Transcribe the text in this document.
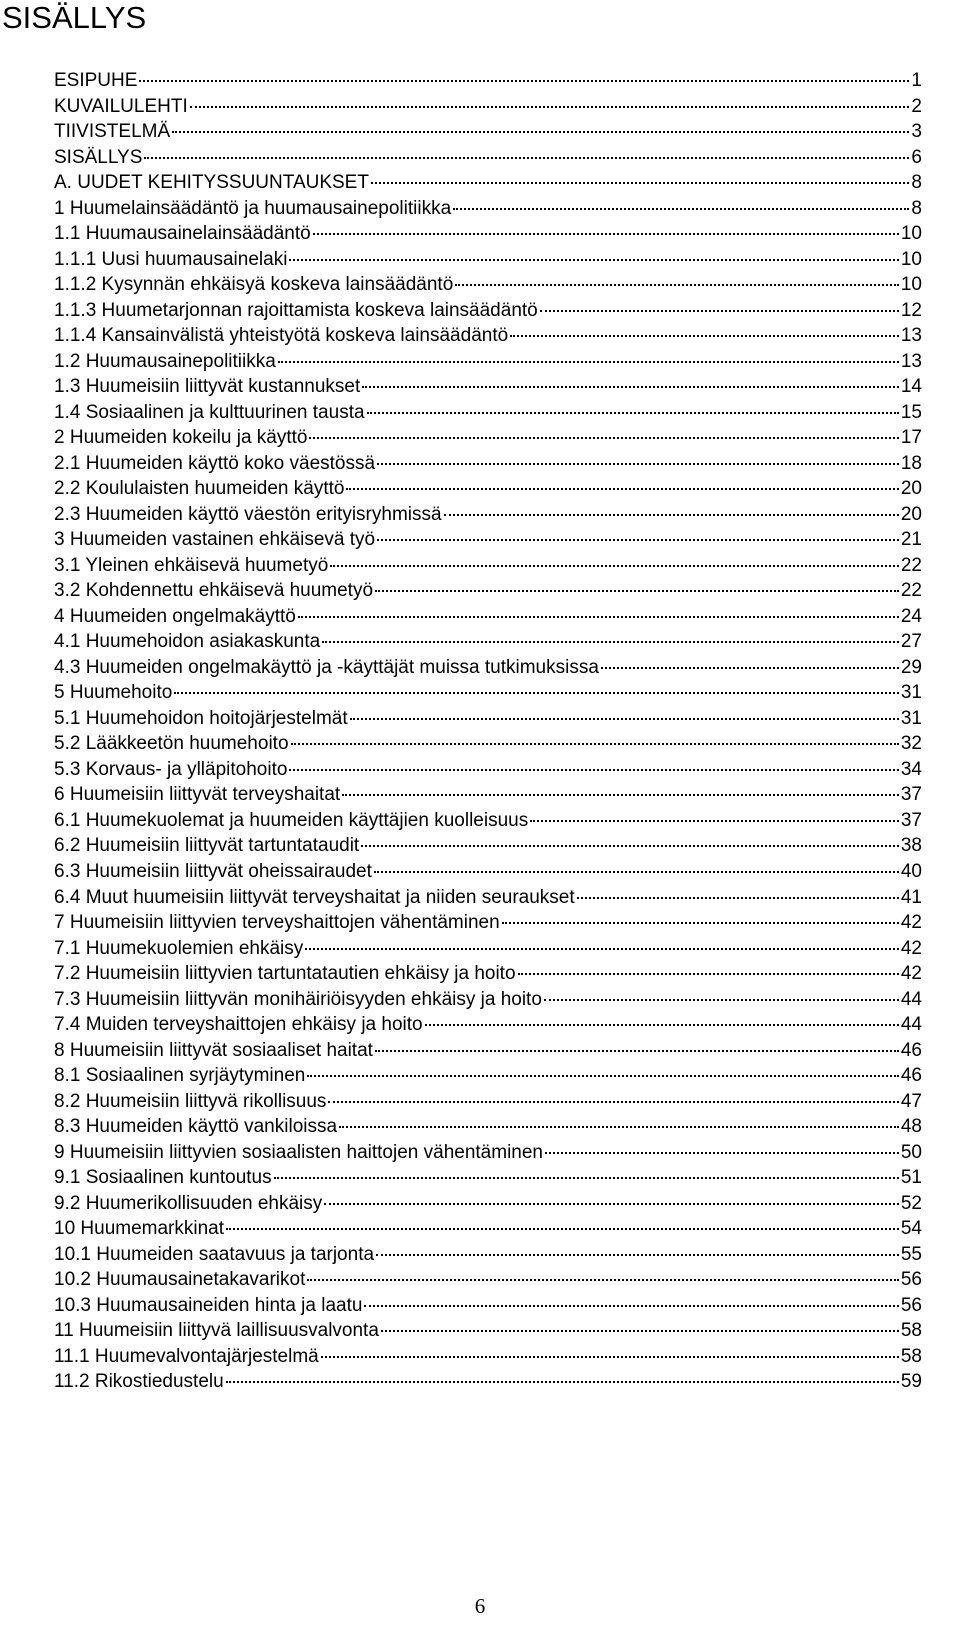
SISÄLLYS
ESIPUHE	1
KUVAILULEHTI	2
TIIVISTELMÄ	3
SISÄLLYS	6
A. UUDET KEHITYSSUUNTAUKSET	8
1 Huumelainsäädäntö ja huumausainepolitiikka	8
1.1 Huumausainelainsäädäntö	10
1.1.1 Uusi huumausainelaki	10
1.1.2 Kysynnän ehkäisyä koskeva lainsäädäntö	10
1.1.3 Huumetarjonnan rajoittamista koskeva lainsäädäntö	12
1.1.4 Kansainvälistä yhteistyötä koskeva lainsäädäntö	13
1.2 Huumausainepolitiikka	13
1.3 Huumeisiin liittyvät kustannukset	14
1.4 Sosiaalinen ja kulttuurinen tausta	15
2 Huumeiden kokeilu ja käyttö	17
2.1 Huumeiden käyttö koko väestössä	18
2.2 Koululaisten huumeiden käyttö	20
2.3 Huumeiden käyttö väestön erityisryhmissä	20
3 Huumeiden vastainen ehkäisevä työ	21
3.1 Yleinen ehkäisevä huumetyö	22
3.2 Kohdennettu ehkäisevä huumetyö	22
4 Huumeiden ongelmakäyttö	24
4.1 Huumehoidon asiakaskunta	27
4.3 Huumeiden ongelmakäyttö ja -käyttäjät muissa tutkimuksissa	29
5 Huumehoito	31
5.1 Huumehoidon hoitojärjestelmät	31
5.2 Lääkkeetön huumehoito	32
5.3 Korvaus- ja ylläpitohoito	34
6 Huumeisiin liittyvät terveyshaitat	37
6.1 Huumekuolemat ja huumeiden käyttäjien kuolleisuus	37
6.2 Huumeisiin liittyvät tartuntataudit	38
6.3 Huumeisiin liittyvät oheissairaudet	40
6.4 Muut huumeisiin liittyvät terveyshaitat ja niiden seuraukset	41
7 Huumeisiin liittyvien terveyshaittojen vähentäminen	42
7.1 Huumekuolemien ehkäisy	42
7.2 Huumeisiin liittyvien tartuntatautien ehkäisy ja hoito	42
7.3 Huumeisiin liittyvän monihäiriöisyyden ehkäisy ja hoito	44
7.4 Muiden terveyshaittojen ehkäisy ja hoito	44
8 Huumeisiin liittyvät sosiaaliset haitat	46
8.1 Sosiaalinen syrjäytyminen	46
8.2 Huumeisiin liittyvä rikollisuus	47
8.3 Huumeiden käyttö vankiloissa	48
9 Huumeisiin liittyvien sosiaalisten haittojen vähentäminen	50
9.1 Sosiaalinen kuntoutus	51
9.2 Huumerikollisuuden ehkäisy	52
10 Huumemarkkinat	54
10.1 Huumeiden saatavuus ja tarjonta	55
10.2 Huumausainetakavarikot	56
10.3 Huumausaineiden hinta ja laatu	56
11 Huumeisiin liittyvä laillisuusvalvonta	58
11.1 Huumevalvontajärjestelmä	58
11.2 Rikostiedustelu	59
6
